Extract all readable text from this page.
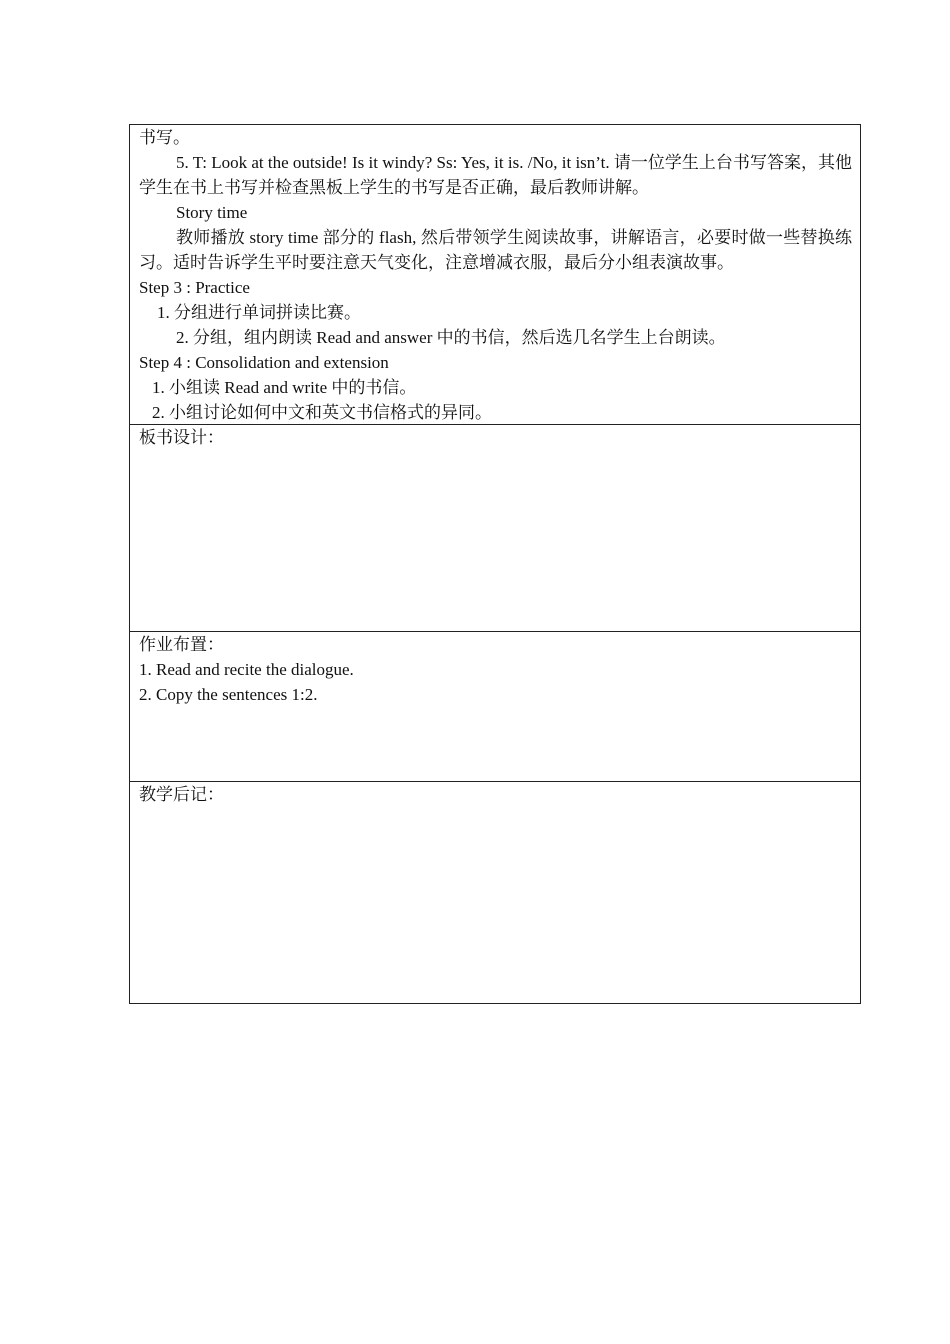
书写。
5. T: Look at the outside! Is it windy? Ss: Yes, it is. /No, it isn’t. 请一位学生上台书写答案，其他学生在书上书写并检查黑板上学生的书写是否正确，最后教师讲解。
Story time
教师播放 story time 部分的 flash, 然后带领学生阅读故事，讲解语言，必要时做一些替换练习。适时告诉学生平时要注意天气变化，注意增减衣服，最后分小组表演故事。
Step 3 : Practice
1. 分组进行单词拼读比赛。
2. 分组，组内朗读 Read and answer 中的书信，然后选几名学生上台朗读。
Step 4 : Consolidation and extension
1. 小组读 Read and write 中的书信。
2. 小组讨论如何中文和英文书信格式的异同。
板书设计：
作业布置：
1. Read and recite the dialogue.
2. Copy the sentences 1:2.
教学后记：
